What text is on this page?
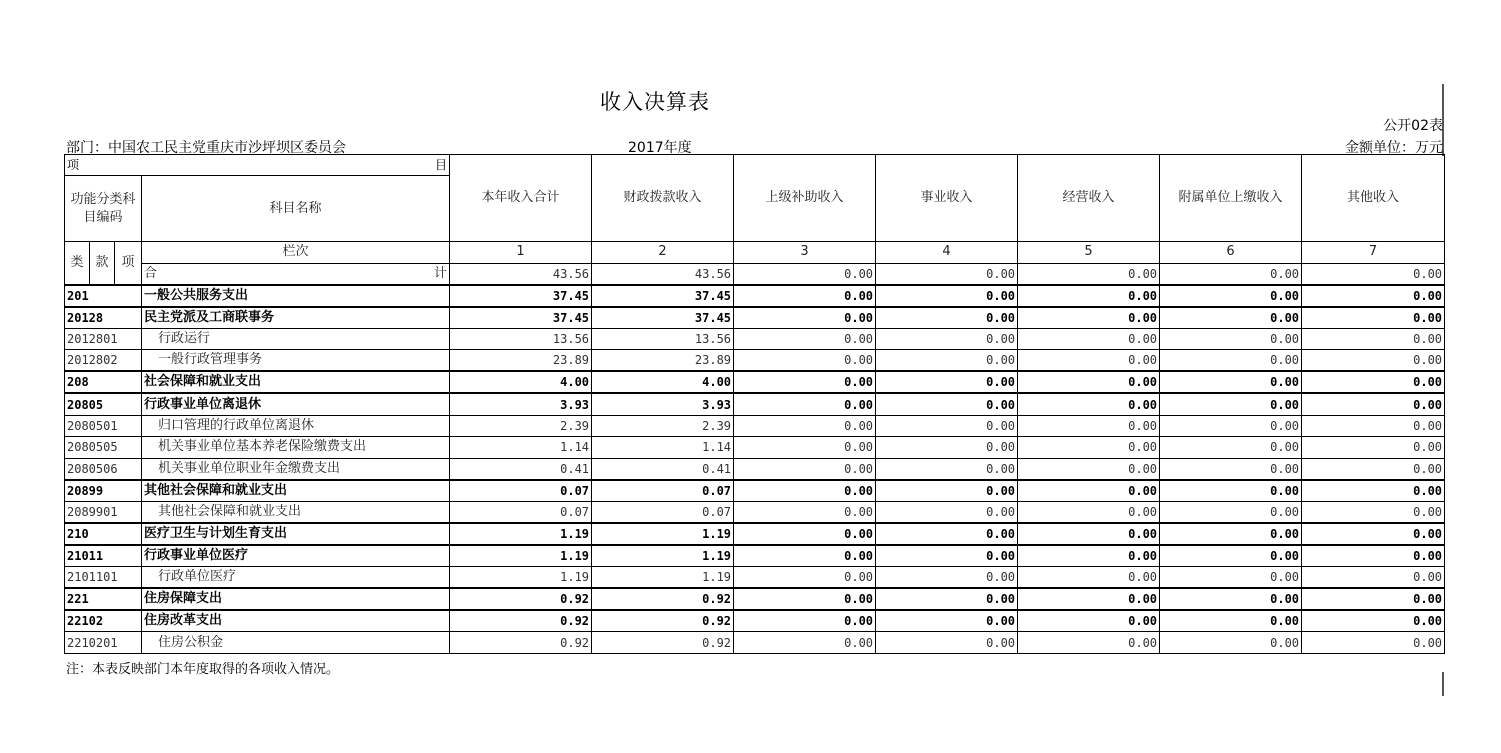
收入决算表
公开02表
部门：中国农工民主党重庆市沙坪坝区委员会	2017年度	金额单位：万元
项 目				本年收入合计	财政拨款收入	上级补助收入	事业收入	经营收入	附属单位上缴收入	其他收入
功能分类科目编码			科目名称							
类	款	项	栏次	1	2	3	4	5	6	7

			合 计	43.56	43.56	0.00	0.00	0.00	0.00	0.00
201			一般公共服务支出	37.45	37.45	0.00	0.00	0.00	0.00	0.00
20128			民主党派及工商联事务	37.45	37.45	0.00	0.00	0.00	0.00	0.00
2012801			行政运行	13.56	13.56	0.00	0.00	0.00	0.00	0.00
2012802			一般行政管理事务	23.89	23.89	0.00	0.00	0.00	0.00	0.00
208			社会保障和就业支出	4.00	4.00	0.00	0.00	0.00	0.00	0.00
20805			行政事业单位离退休	3.93	3.93	0.00	0.00	0.00	0.00	0.00
2080501			归口管理的行政单位离退休	2.39	2.39	0.00	0.00	0.00	0.00	0.00
2080505			机关事业单位基本养老保险缴费支出	1.14	1.14	0.00	0.00	0.00	0.00	0.00
2080506			机关事业单位职业年金缴费支出	0.41	0.41	0.00	0.00	0.00	0.00	0.00
20899			其他社会保障和就业支出	0.07	0.07	0.00	0.00	0.00	0.00	0.00
2089901			其他社会保障和就业支出	0.07	0.07	0.00	0.00	0.00	0.00	0.00
210			医疗卫生与计划生育支出	1.19	1.19	0.00	0.00	0.00	0.00	0.00
21011			行政事业单位医疗	1.19	1.19	0.00	0.00	0.00	0.00	0.00
2101101			行政单位医疗	1.19	1.19	0.00	0.00	0.00	0.00	0.00
221			住房保障支出	0.92	0.92	0.00	0.00	0.00	0.00	0.00
22102			住房改革支出	0.92	0.92	0.00	0.00	0.00	0.00	0.00
2210201			住房公积金	0.92	0.92	0.00	0.00	0.00	0.00	0.00
注：本表反映部门本年度取得的各项收入情况。
